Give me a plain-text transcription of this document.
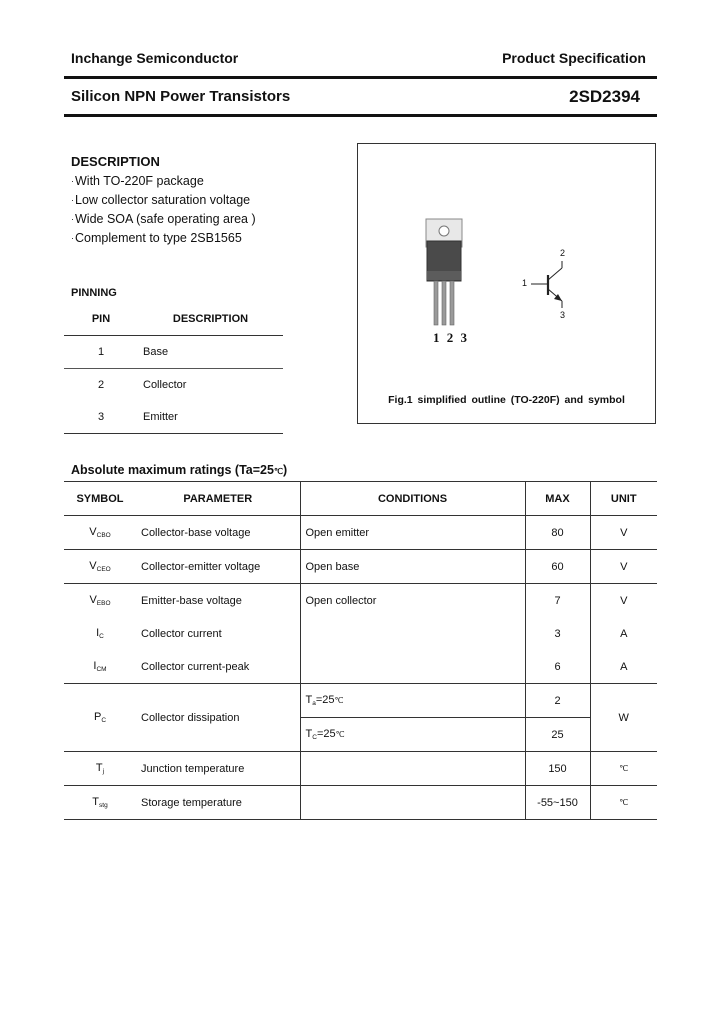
Inchange Semiconductor	Product Specification
Silicon NPN Power Transistors	2SD2394
DESCRIPTION
·With TO-220F package
·Low collector saturation voltage
·Wide SOA (safe operating area )
·Complement to type 2SB1565
PINNING
PIN	DESCRIPTION
1	Base
2	Collector
3	Emitter
1 2 3
1
2
3
Fig.1 simplified outline (TO-220F) and symbol
Absolute maximum ratings (Ta=25℃)
SYMBOL	PARAMETER	CONDITIONS	MAX	UNIT
$V_{CBO}$	Collector-base voltage	Open emitter	80	V
$V_{CEO}$	Collector-emitter voltage	Open base	60	V
$V_{EBO}$	Emitter-base voltage	Open collector	7	V
$I_C$	Collector current		3	A
$I_{CM}$	Collector current-peak		6	A
$P_C$	Collector dissipation	$T_a=25℃$	2	W
		$T_C=25℃$	25	
$T_j$	Junction temperature		150	℃
$T_{stg}$	Storage temperature		-55~150	℃
